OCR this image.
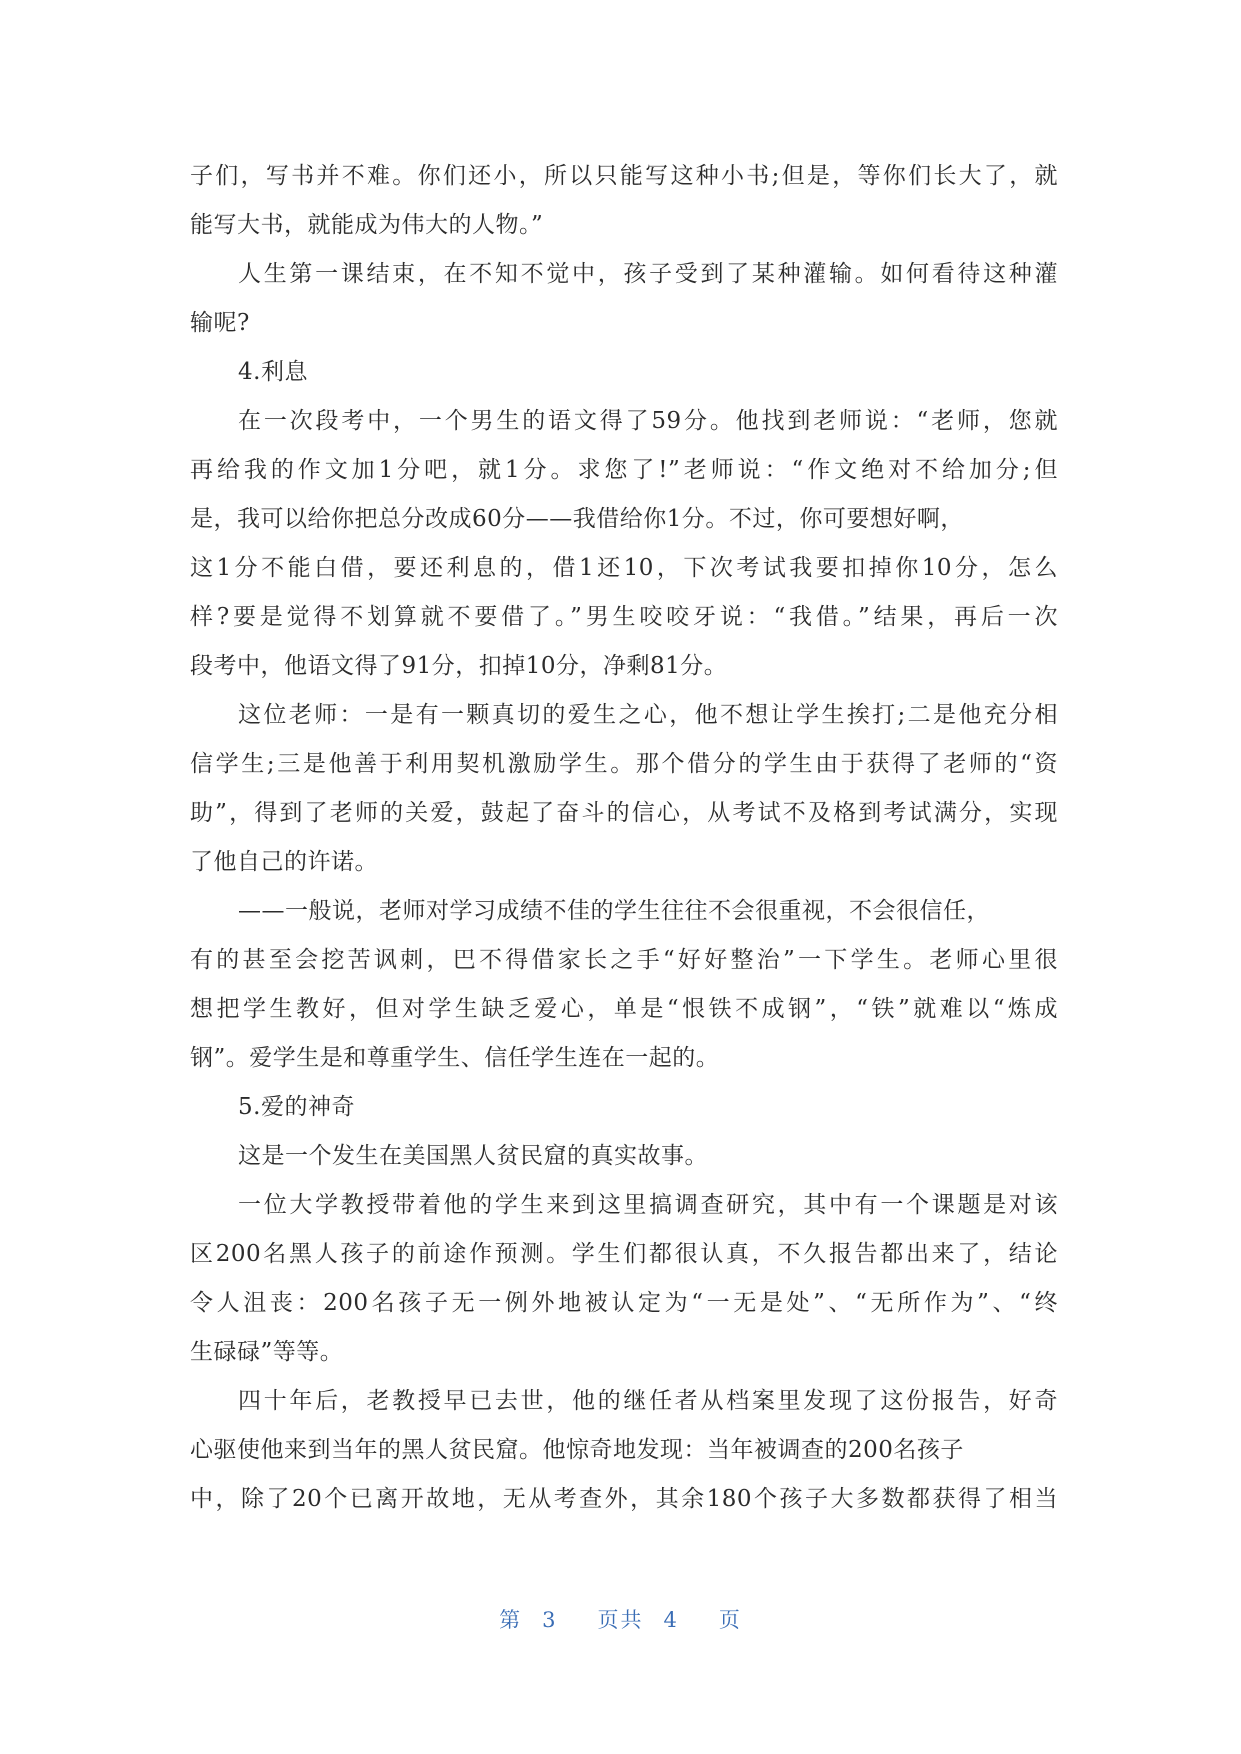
子们，写书并不难。你们还小，所以只能写这种小书;但是，等你们长大了，就
能写大书，就能成为伟大的人物。”
人生第一课结束，在不知不觉中，孩子受到了某种灌输。如何看待这种灌
输呢?
4.利息
在一次段考中，一个男生的语文得了59分。他找到老师说：“老师，您就
再给我的作文加1分吧，就1分。求您了!”老师说：“作文绝对不给加分;但
是，我可以给你把总分改成60分——我借给你1分。不过，你可要想好啊，
这1分不能白借，要还利息的，借1还10，下次考试我要扣掉你10分，怎么
样?要是觉得不划算就不要借了。”男生咬咬牙说：“我借。”结果，再后一次
段考中，他语文得了91分，扣掉10分，净剩81分。
这位老师：一是有一颗真切的爱生之心，他不想让学生挨打;二是他充分相
信学生;三是他善于利用契机激励学生。那个借分的学生由于获得了老师的“资
助”，得到了老师的关爱，鼓起了奋斗的信心，从考试不及格到考试满分，实现
了他自己的许诺。
——一般说，老师对学习成绩不佳的学生往往不会很重视，不会很信任，
有的甚至会挖苦讽刺，巴不得借家长之手“好好整治”一下学生。老师心里很
想把学生教好，但对学生缺乏爱心，单是“恨铁不成钢”，“铁”就难以“炼成
钢”。爱学生是和尊重学生、信任学生连在一起的。
5.爱的神奇
这是一个发生在美国黑人贫民窟的真实故事。
一位大学教授带着他的学生来到这里搞调查研究，其中有一个课题是对该
区200名黑人孩子的前途作预测。学生们都很认真，不久报告都出来了，结论
令人沮丧：200名孩子无一例外地被认定为“一无是处”、“无所作为”、“终
生碌碌”等等。
四十年后，老教授早已去世，他的继任者从档案里发现了这份报告，好奇
心驱使他来到当年的黑人贫民窟。他惊奇地发现：当年被调查的200名孩子
中，除了20个已离开故地，无从考查外，其余180个孩子大多数都获得了相当
第 3 页共 4 页
